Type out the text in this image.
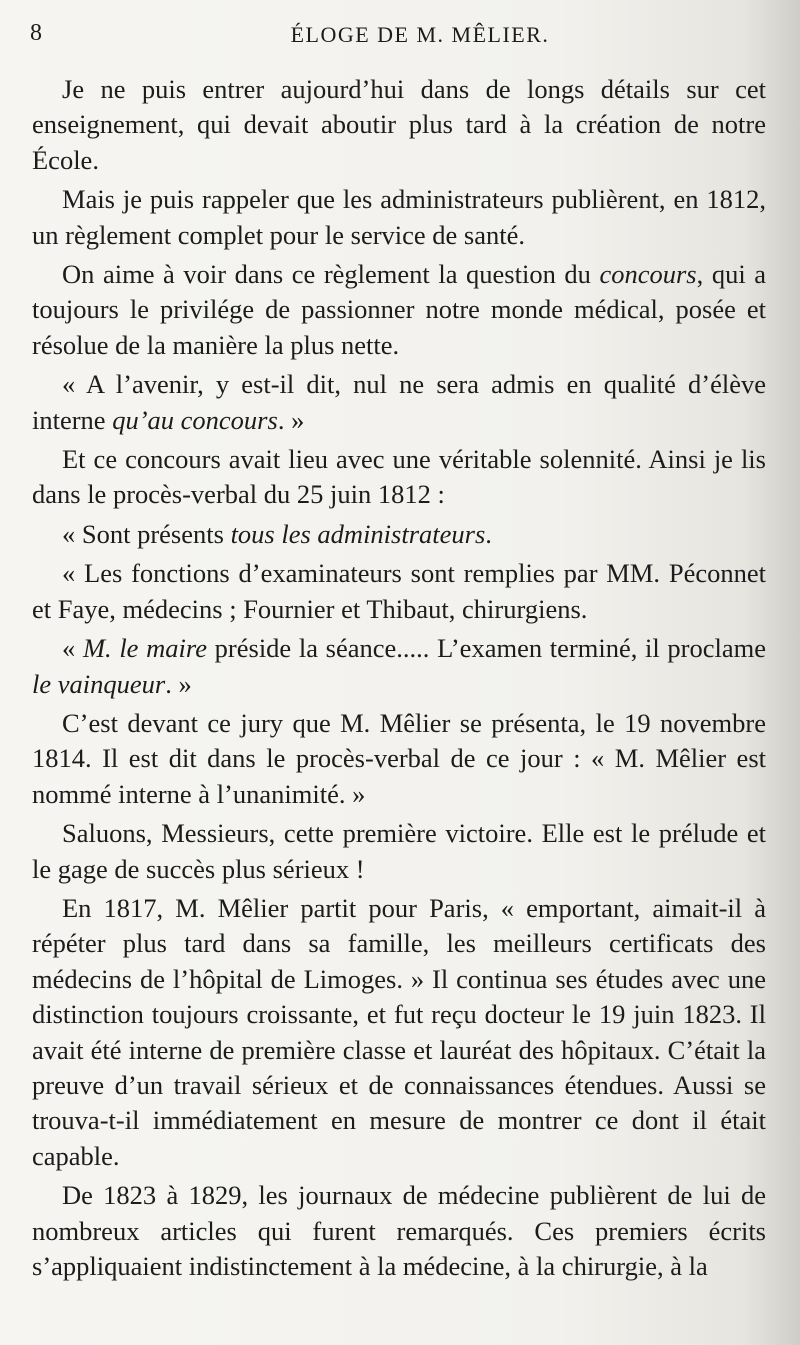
8	ÉLOGE DE M. MÊLIER.

Je ne puis entrer aujourd’hui dans de longs détails sur cet enseignement, qui devait aboutir plus tard à la création de notre École.

Mais je puis rappeler que les administrateurs publièrent, en 1812, un règlement complet pour le service de santé.

On aime à voir dans ce règlement la question du concours, qui a toujours le privilége de passionner notre monde médical, posée et résolue de la manière la plus nette.

« A l’avenir, y est-il dit, nul ne sera admis en qualité d’élève interne qu’au concours. »

Et ce concours avait lieu avec une véritable solennité. Ainsi je lis dans le procès-verbal du 25 juin 1812 :

« Sont présents tous les administrateurs.

« Les fonctions d’examinateurs sont remplies par MM. Péconnet et Faye, médecins ; Fournier et Thibaut, chirurgiens.

« M. le maire préside la séance..... L’examen terminé, il proclame le vainqueur. »

C’est devant ce jury que M. Mêlier se présenta, le 19 novembre 1814. Il est dit dans le procès-verbal de ce jour : « M. Mêlier est nommé interne à l’unanimité. »

Saluons, Messieurs, cette première victoire. Elle est le prélude et le gage de succès plus sérieux !

En 1817, M. Mêlier partit pour Paris, « emportant, aimait-il à répéter plus tard dans sa famille, les meilleurs certificats des médecins de l’hôpital de Limoges. » Il continua ses études avec une distinction toujours croissante, et fut reçu docteur le 19 juin 1823. Il avait été interne de première classe et lauréat des hôpitaux. C’était la preuve d’un travail sérieux et de connaissances étendues. Aussi se trouva-t-il immédiatement en mesure de montrer ce dont il était capable.

De 1823 à 1829, les journaux de médecine publièrent de lui de nombreux articles qui furent remarqués. Ces premiers écrits s’appliquaient indistinctement à la médecine, à la chirurgie, à la
